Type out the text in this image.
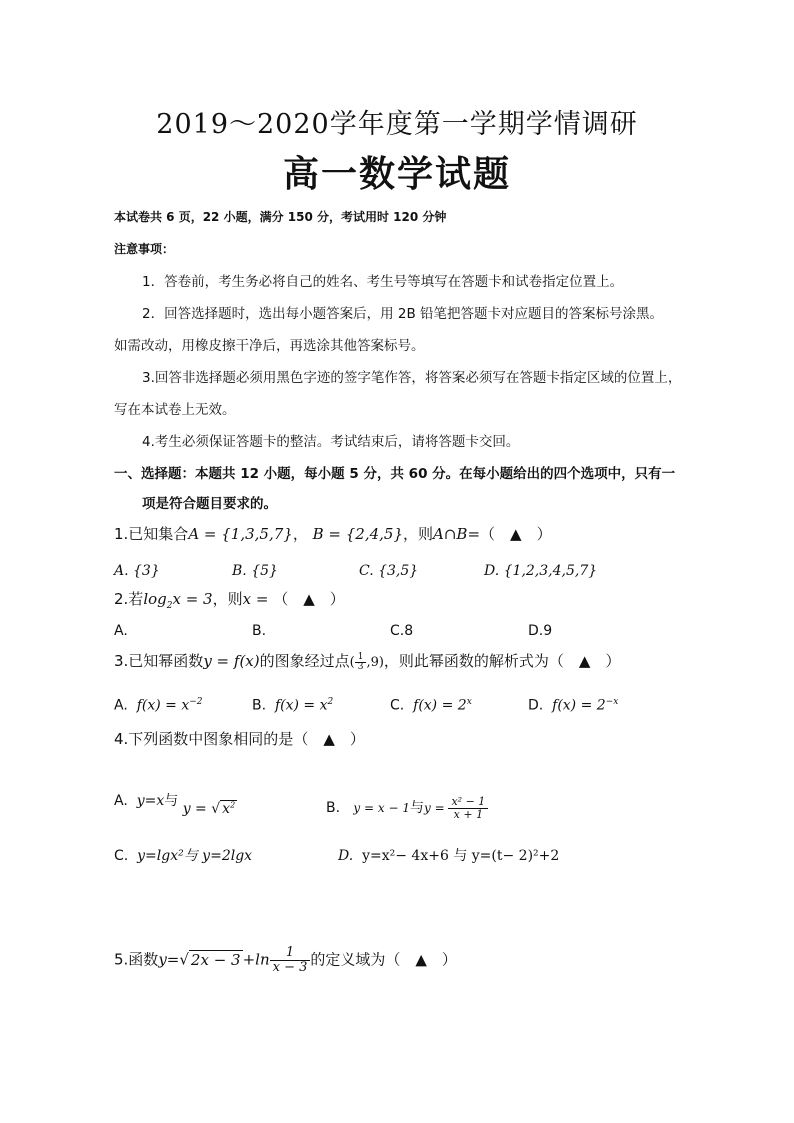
2019～2020学年度第一学期学情调研
高一数学试题
本试卷共 6 页，22 小题，满分 150 分，考试用时 120 分钟
注意事项：
1．答卷前，考生务必将自己的姓名、考生号等填写在答题卡和试卷指定位置上。
2．回答选择题时，选出每小题答案后，用 2B 铅笔把答题卡对应题目的答案标号涂黑。
如需改动，用橡皮擦干净后，再选涂其他答案标号。
3.回答非选择题必须用黑色字迹的签字笔作答，将答案必须写在答题卡指定区域的位置上，
写在本试卷上无效。
4.考生必须保证答题卡的整洁。考试结束后，请将答题卡交回。
一、选择题：本题共 12 小题，每小题 5 分，共 60 分。在每小题给出的四个选项中，只有一
项是符合题目要求的。
1.已知集合A = {1,3,5,7}， B = {2,4,5}，则A∩B=（　▲　）
A. {3}	B. {5}	C. {3,5}	D. {1,2,3,4,5,7}
2.若$\log_2x = 3$，则x = （　▲　）
A.	B.	C.8	D.9
3.已知幂函数y = f(x)的图象经过点( $\frac{1}{3} ,9$)，则此幂函数的解析式为（　▲　）
A. $f(x) = x^{-2}$	B. $f(x) = x^2$	C. $f(x) = 2^x$	D. $f(x) = 2^{-x}$
4.下列函数中图象相同的是（　▲　）
A. y=x与 y = √ $x^2$	B. y = x − 1与$y = \frac{\text{x² − 1}}{x + 1}$
C. y=lgx²与 y=2lgx	D. y=x²− 4x+6 与 y=(t− 2)²+2
5.函数y=√ $2x - 3 +\ln \frac{1}{x - 3}$ 的定义域为（　▲　）
